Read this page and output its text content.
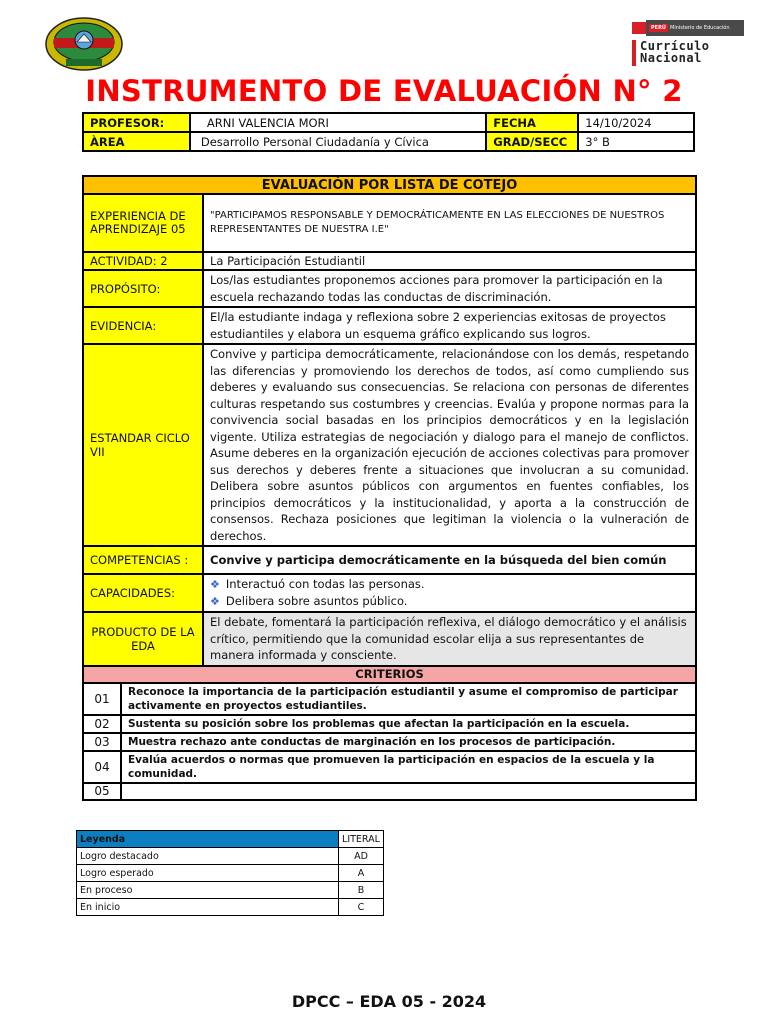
PERÚ Ministerio de Educación
Currículo
Nacional
INSTRUMENTO DE EVALUACIÓN N° 2
PROFESOR:	ARNI VALENCIA MORI	FECHA	14/10/2024
ÀREA	Desarrollo Personal Ciudadanía y Cívica	GRAD/SECC	3° B
EVALUACIÓN POR LISTA DE COTEJO		
EXPERIENCIA DE APRENDIZAJE 05		"PARTICIPAMOS RESPONSABLE Y DEMOCRÁTICAMENTE EN LAS ELECCIONES DE NUESTROS REPRESENTANTES DE NUESTRA I.E"
ACTIVIDAD: 2		La Participación Estudiantil
PROPÓSITO:		Los/las estudiantes proponemos acciones para promover la participación en la escuela rechazando todas las conductas de discriminación.
EVIDENCIA:		El/la estudiante indaga y reflexiona sobre 2 experiencias exitosas de proyectos estudiantiles y elabora un esquema gráfico explicando sus logros.
ESTANDAR CICLO VII		Convive y participa democráticamente, relacionándose con los demás, respetando las diferencias y promoviendo los derechos de todos, así como cumpliendo sus deberes y evaluando sus consecuencias. Se relaciona con personas de diferentes culturas respetando sus costumbres y creencias. Evalúa y propone normas para la convivencia social basadas en los principios democráticos y en la legislación vigente. Utiliza estrategias de negociación y dialogo para el manejo de conflictos. Asume deberes en la organización ejecución de acciones colectivas para promover sus derechos y deberes frente a situaciones que involucran a su comunidad. Delibera sobre asuntos públicos con argumentos en fuentes confiables, los principios democráticos y la institucionalidad, y aporta a la construcción de consensos. Rechaza posiciones que legitiman la violencia o la vulneración de derechos.
COMPETENCIAS :		Convive y participa democráticamente en la búsqueda del bien común
CAPACIDADES:		❖ Interactuó con todas las personas.
❖ Delibera sobre asuntos público.

PRODUCTO DE LA EDA		El debate, fomentará la participación reflexiva, el diálogo democrático y el análisis crítico, permitiendo que la comunidad escolar elija a sus representantes de manera informada y consciente.
CRITERIOS		
01	Reconoce la importancia de la participación estudiantil y asume el compromiso de participar activamente en proyectos estudiantiles.	
02	Sustenta su posición sobre los problemas que afectan la participación en la escuela.	
03	Muestra rechazo ante conductas de marginación en los procesos de participación.	
04	Evalúa acuerdos o normas que promueven la participación en espacios de la escuela y la comunidad.	
05		
Leyenda	LITERAL
Logro destacado	AD
Logro esperado	A
En proceso	B
En inicio	C
DPCC – EDA 05 - 2024
